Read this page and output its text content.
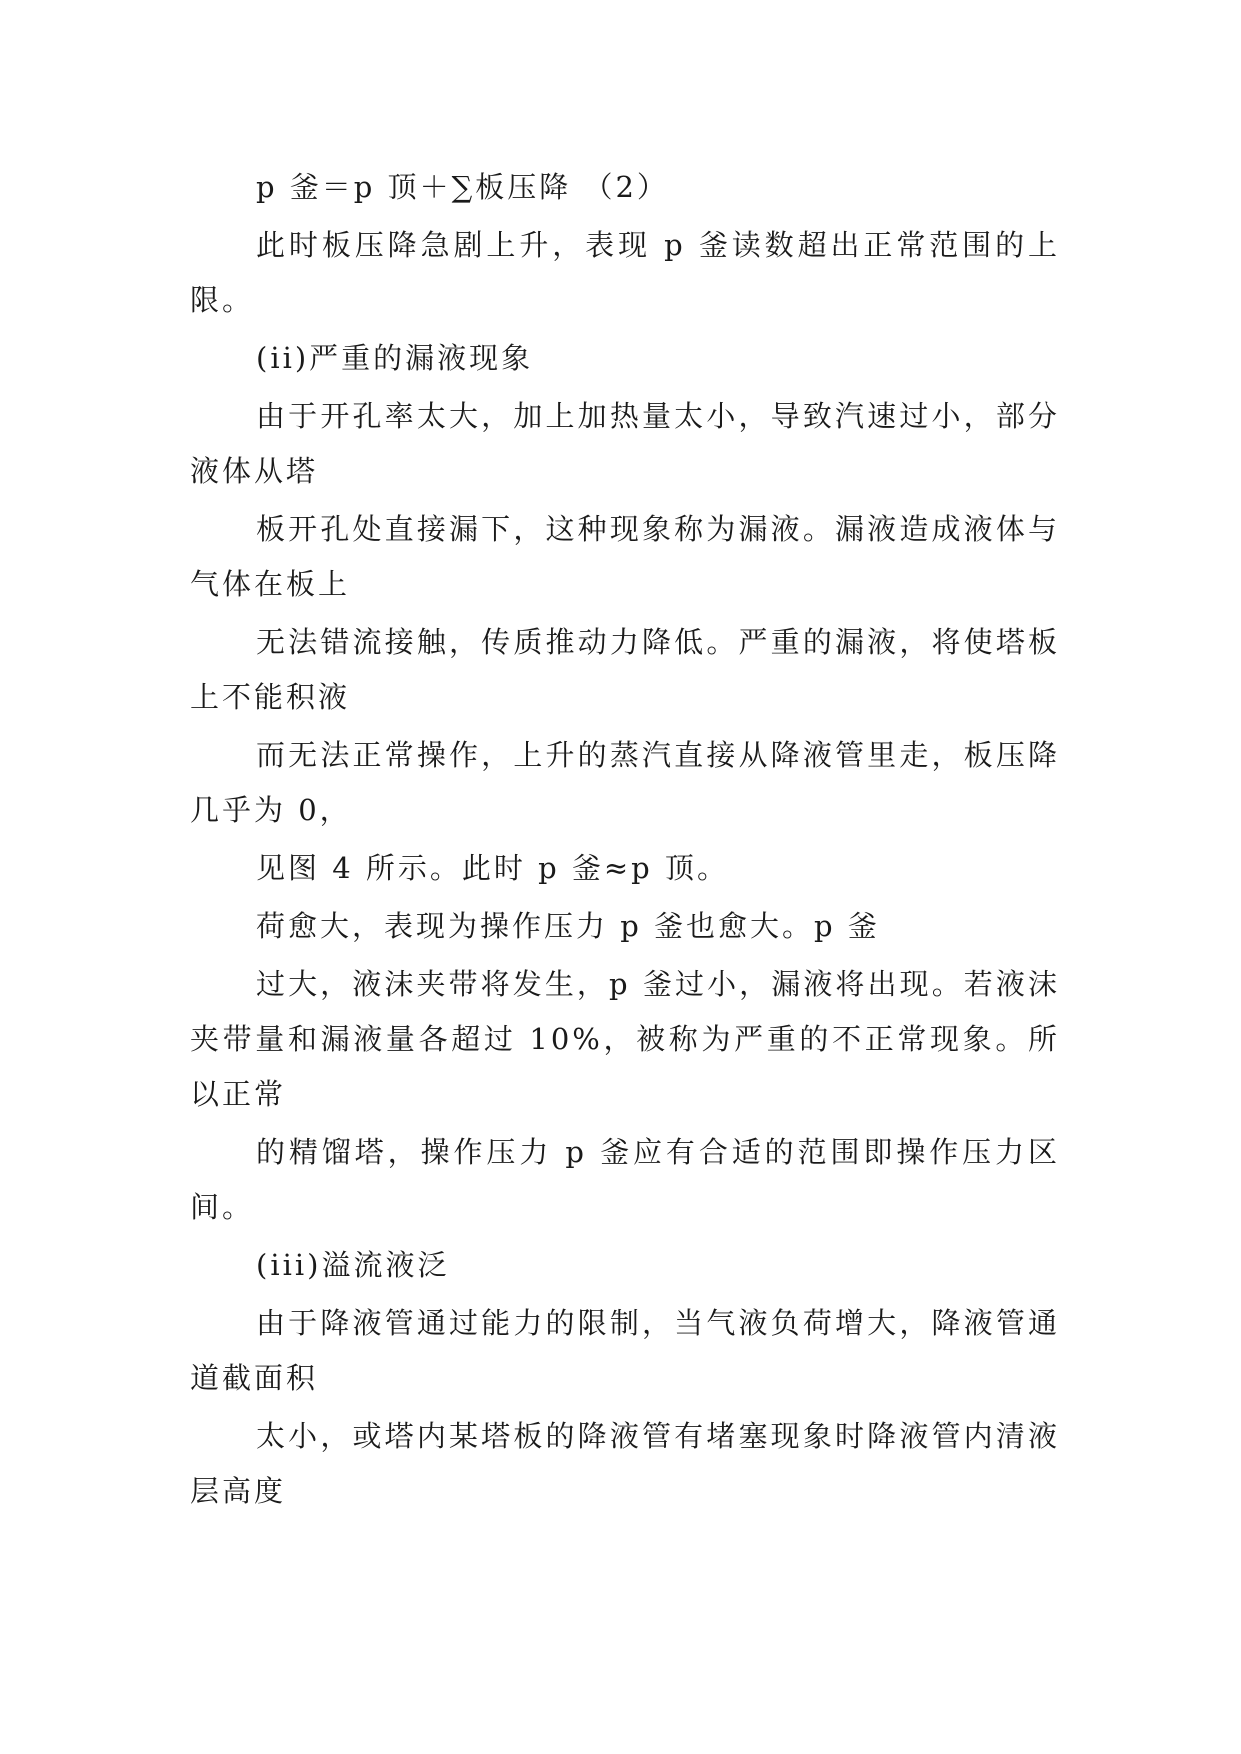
p 釜＝p 顶＋∑板压降 （2）

此时板压降急剧上升，表现 p 釜读数超出正常范围的上限。

(ii)严重的漏液现象

由于开孔率太大，加上加热量太小，导致汽速过小，部分液体从塔

板开孔处直接漏下，这种现象称为漏液。漏液造成液体与气体在板上

无法错流接触，传质推动力降低。严重的漏液，将使塔板上不能积液

而无法正常操作，上升的蒸汽直接从降液管里走，板压降几乎为 0，

见图 4 所示。此时 p 釜≈p 顶。

荷愈大，表现为操作压力 p 釜也愈大。p 釜

过大，液沫夹带将发生，p 釜过小，漏液将出现。若液沫夹带量和漏液量各超过 10%，被称为严重的不正常现象。所以正常

的精馏塔，操作压力 p 釜应有合适的范围即操作压力区间。

(iii)溢流液泛

由于降液管通过能力的限制，当气液负荷增大，降液管通道截面积

太小，或塔内某塔板的降液管有堵塞现象时降液管内清液层高度
